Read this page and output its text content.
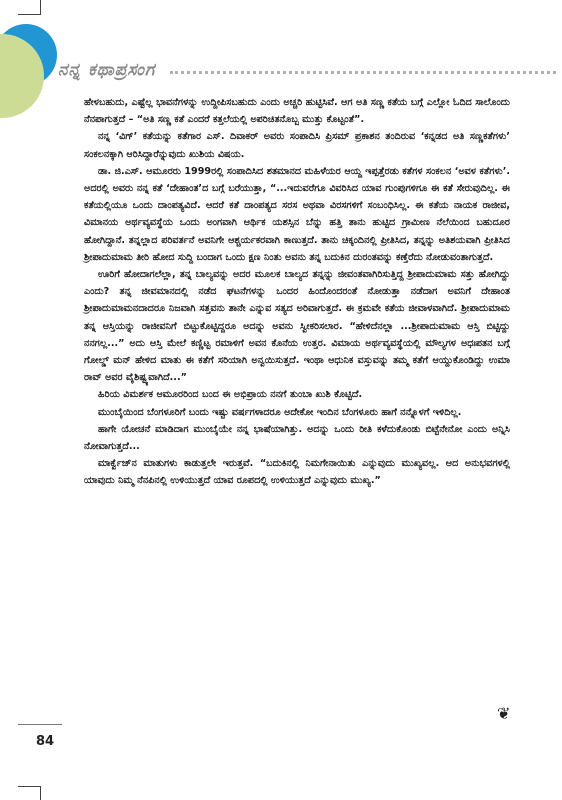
ನನ್ನ ಕಥಾಪ್ರಸಂಗ

ಹೇಳಬಹುದು, ಎಷ್ಟೆಲ್ಲ ಭಾವನೆಗಳನ್ನು ಉದ್ದೀಪಿಸಬಹುದು ಎಂದು ಅಚ್ಚರಿ ಹುಟ್ಟಿಸಿವೆ. ಆಗ ಅತಿ ಸಣ್ಣ ಕತೆಯ ಬಗ್ಗೆ ಎಲ್ಲೋ ಓದಿದ ಸಾಲೊಂದು ನೆನಪಾಗುತ್ತದೆ – “ಅತಿ ಸಣ್ಣ ಕತೆ ಎಂದರೆ ಕತ್ತಲೆಯಲ್ಲಿ ಅಪರಿಚಿತನೊಬ್ಬ ಮುತ್ತು ಕೊಟ್ಟಂತೆ”.

ನನ್ನ ‘ವಿಗ್’ ಕತೆಯನ್ನು ಕತೆಗಾರ ಎಸ್. ದಿವಾಕರ್ ಅವರು ಸಂಪಾದಿಸಿ ಪ್ರಿಸಮ್ ಪ್ರಕಾಶನ ತಂದಿರುವ ‘ಕನ್ನಡದ ಅತಿ ಸಣ್ಣಕತೆಗಳು’ ಸಂಕಲನಕ್ಕಾಗಿ ಆರಿಸಿದ್ದಾರೆನ್ನುವುದು ಖುಶಿಯ ವಿಷಯ.

ಡಾ. ಜಿ.ಎಸ್. ಆಮೂರರು 1999ರಲ್ಲಿ ಸಂಪಾದಿಸಿದ ಶತಮಾನದ ಮಹಿಳೆಯರ ಆಯ್ದ ಇಪ್ಪತ್ತೆರಡು ಕತೆಗಳ ಸಂಕಲನ ‘ಅವಳ ಕತೆಗಳು’. ಅದರಲ್ಲಿ ಅವರು ನನ್ನ ಕತೆ ‘ದೇಹಾಂತ’ದ ಬಗ್ಗೆ ಬರೆಯುತ್ತಾ, “...ಇದುವರೆಗೂ ವಿವರಿಸಿದ ಯಾವ ಗುಂಪುಗಳಿಗೂ ಈ ಕತೆ ಸೇರುವುದಿಲ್ಲ. ಈ ಕತೆಯಲ್ಲಿಯೂ ಒಂದು ದಾಂಪತ್ಯವಿದೆ. ಆದರೆ ಕತೆ ದಾಂಪತ್ಯದ ಸರಸ ಅಥವಾ ವಿರಸಗಳಿಗೆ ಸಂಬಂಧಿಸಿಲ್ಲ. ಈ ಕತೆಯ ನಾಯಕ ರಾಜೀವ, ವಿಮಾನಯ ಅರ್ಥವ್ಯವಸ್ಥೆಯ ಒಂದು ಅಂಗವಾಗಿ ಆರ್ಥಿಕ ಯಶಸ್ಸಿನ ಬೆನ್ನು ಹತ್ತಿ ತಾನು ಹುಟ್ಟಿದ ಗ್ರಾಮೀಣ ನೆಲೆಯಿಂದ ಬಹುದೂರ ಹೋಗಿದ್ದಾನೆ. ತನ್ನಲ್ಲಾದ ಪರಿವರ್ತನೆ ಅವನಿಗೇ ಆಶ್ಚರ್ಯಕರವಾಗಿ ಕಾಣುತ್ತದೆ. ತಾನು ಚಿಕ್ಕಂದಿನಲ್ಲಿ ಪ್ರೀತಿಸಿದ, ತನ್ನನ್ನು ಅತಿಶಯವಾಗಿ ಪ್ರೀತಿಸಿದ ಶ್ರೀಪಾದುಮಾಮ ತೀರಿ ಹೋದ ಸುದ್ದಿ ಬಂದಾಗ ಒಂದು ಕ್ಷಣ ನಿಂತು ಅವನು ತನ್ನ ಬದುಕಿನ ದುರಂತವನ್ನು ಕಣ್ತೆರೆದು ನೋಡುವಂತಾಗುತ್ತದೆ.

ಊರಿಗೆ ಹೋದಾಗಲೆಲ್ಲಾ, ತನ್ನ ಬಾಲ್ಯವನ್ನು ಅದರ ಮೂಲಕ ಬಾಲ್ಯದ ತನ್ನನ್ನು ಜೀವಂತವಾಗಿರಿಸುತ್ತಿದ್ದ ಶ್ರೀಪಾದುಮಾಮ ಸತ್ತು ಹೋಗಿದ್ದು ಎಂದು? ತನ್ನ ಜೀವಮಾನದಲ್ಲಿ ನಡೆದ ಘಟನೆಗಳನ್ನು ಒಂದರ ಹಿಂದೊಂದರಂತೆ ನೋಡುತ್ತಾ ನಡೆದಾಗ ಅವನಿಗೆ ದೇಹಾಂತ ಶ್ರೀಪಾದುಮಾಮನದಾದರೂ ನಿಜವಾಗಿ ಸತ್ತವನು ತಾನೇ ಎನ್ನುವ ಸತ್ಯದ ಅರಿವಾಗುತ್ತದೆ. ಈ ಕ್ರಮವೇ ಕತೆಯ ಜೀವಾಳವಾಗಿದೆ. ಶ್ರೀಪಾದುಮಾಮ ತನ್ನ ಆಸ್ತಿಯನ್ನು ರಾಜೀವನಿಗೆ ಬಿಟ್ಟುಕೊಟ್ಟಿದ್ದರೂ ಅದನ್ನು ಅವನು ಸ್ವೀಕರಿಸಲಾರ. “ಹೇಳಿದೆನಲ್ಲಾ ...ಶ್ರೀಪಾದುಮಾಮ ಆಸ್ತಿ ಬಿಟ್ಟಿದ್ದು ನನಗಲ್ಲ...” ಅದು ಆಸ್ತಿ ಮೇಲೆ ಕಣ್ಣಿಟ್ಟ ರಮಾಳಿಗೆ ಅವನ ಕೊನೆಯ ಉತ್ತರ. ವಿಮಾಯ ಅರ್ಥವ್ಯವಸ್ಥೆಯಲ್ಲಿ ಮೌಲ್ಯಗಳ ಅಧಃಪತನ ಬಗ್ಗೆ ಗೋಲ್ಡ್ ಮನ್ ಹೇಳಿದ ಮಾತು ಈ ಕತೆಗೆ ಸರಿಯಾಗಿ ಅನ್ವಯಿಸುತ್ತದೆ. ಇಂಥಾ ಆಧುನಿಕ ವಸ್ತುವನ್ನು ತಮ್ಮ ಕತೆಗೆ ಆಯ್ದುಕೊಂಡಿದ್ದು ಉಮಾ ರಾವ್ ಅವರ ವೈಶಿಷ್ಟ್ಯವಾಗಿದೆ...”

ಹಿರಿಯ ವಿಮರ್ಶಕ ಆಮೂರರಿಂದ ಬಂದ ಈ ಅಭಿಪ್ರಾಯ ನನಗೆ ತುಂಬಾ ಖುಶಿ ಕೊಟ್ಟಿದೆ.

ಮುಂಬೈಯಿಂದ ಬೆಂಗಳೂರಿಗೆ ಬಂದು ಇಷ್ಟು ವರ್ಷಗಳಾದರೂ ಅದೇಕೋ ಇಂದಿನ ಬೆಂಗಳೂರು ಹಾಗೆ ನನ್ನೊಳಗೆ ಇಳಿದಿಲ್ಲ.

ಹಾಗೇ ಯೋಚನೆ ಮಾಡಿದಾಗ ಮುಂಬೈಯೇ ನನ್ನ ಭಾಷೆಯಾಗಿತ್ತು. ಅದನ್ನು ಒಂದು ರೀತಿ ಕಳೆದುಕೊಂಡು ಬಿಟ್ಟೆನೇನೋ ಎಂದು ಅನ್ನಿಸಿ ನೋವಾಗುತ್ತದೆ...

ಮಾರ್ಕ್ವೆಜ್‌ನ ಮಾತುಗಳು ಕಾಡುತ್ತಲೇ ಇರುತ್ತವೆ. “ಬದುಕಿನಲ್ಲಿ ನಿಮಗೇನಾಯಿತು ಎನ್ನುವುದು ಮುಖ್ಯವಲ್ಲ. ಆದ ಅನುಭವಗಳಲ್ಲಿ ಯಾವುದು ನಿಮ್ಮ ನೆನಪಿನಲ್ಲಿ ಉಳಿಯುತ್ತದೆ ಯಾವ ರೂಪದಲ್ಲಿ ಉಳಿಯುತ್ತದೆ ಎನ್ನುವುದು ಮುಖ್ಯ.”

❦
84
